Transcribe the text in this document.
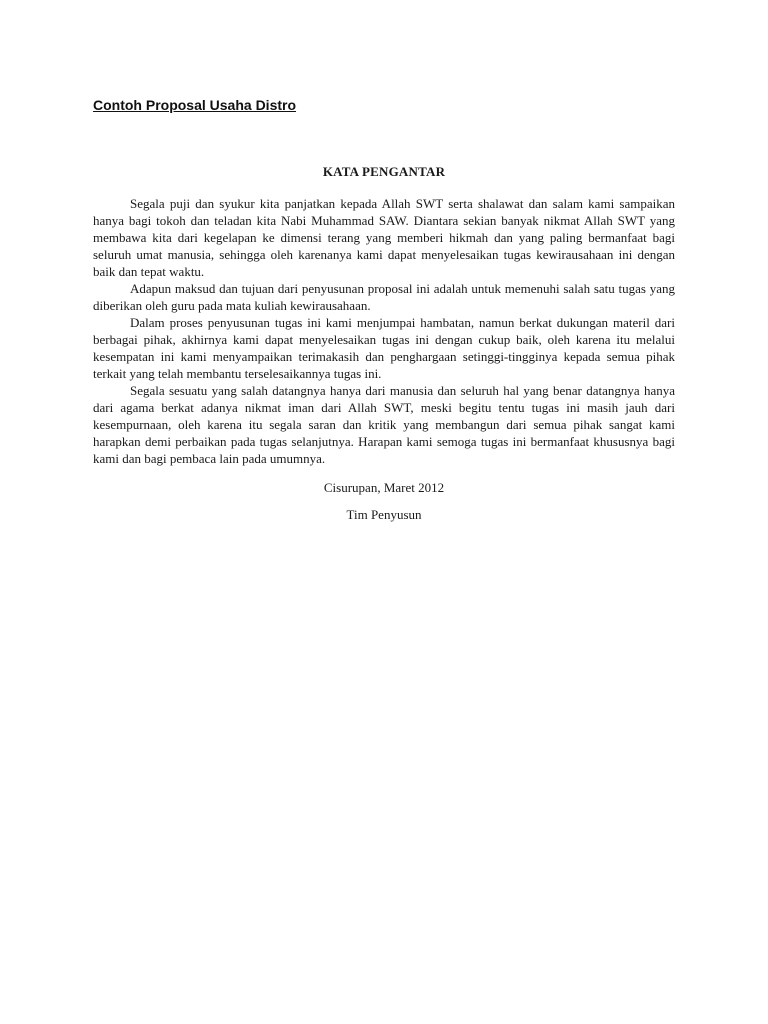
Contoh Proposal Usaha Distro

KATA PENGANTAR

Segala puji dan syukur kita panjatkan kepada Allah SWT serta shalawat dan salam kami sampaikan hanya bagi tokoh dan teladan kita Nabi Muhammad SAW. Diantara sekian banyak nikmat Allah SWT yang membawa kita dari kegelapan ke dimensi terang yang memberi hikmah dan yang paling bermanfaat bagi seluruh umat manusia, sehingga oleh karenanya kami dapat menyelesaikan tugas kewirausahaan ini dengan baik dan tepat waktu.

Adapun maksud dan tujuan dari penyusunan proposal ini adalah untuk memenuhi salah satu tugas yang diberikan oleh guru pada mata kuliah kewirausahaan.

Dalam proses penyusunan tugas ini kami menjumpai hambatan, namun berkat dukungan materil dari berbagai pihak, akhirnya kami dapat menyelesaikan tugas ini dengan cukup baik, oleh karena itu melalui kesempatan ini kami menyampaikan terimakasih dan penghargaan setinggi-tingginya kepada semua pihak terkait yang telah membantu terselesaikannya tugas ini.

Segala sesuatu yang salah datangnya hanya dari manusia dan seluruh hal yang benar datangnya hanya dari agama berkat adanya nikmat iman dari Allah SWT, meski begitu tentu tugas ini masih jauh dari kesempurnaan, oleh karena itu segala saran dan kritik yang membangun dari semua pihak sangat kami harapkan demi perbaikan pada tugas selanjutnya. Harapan kami semoga tugas ini bermanfaat khususnya bagi kami dan bagi pembaca lain pada umumnya.

Cisurupan, Maret 2012

Tim Penyusun
